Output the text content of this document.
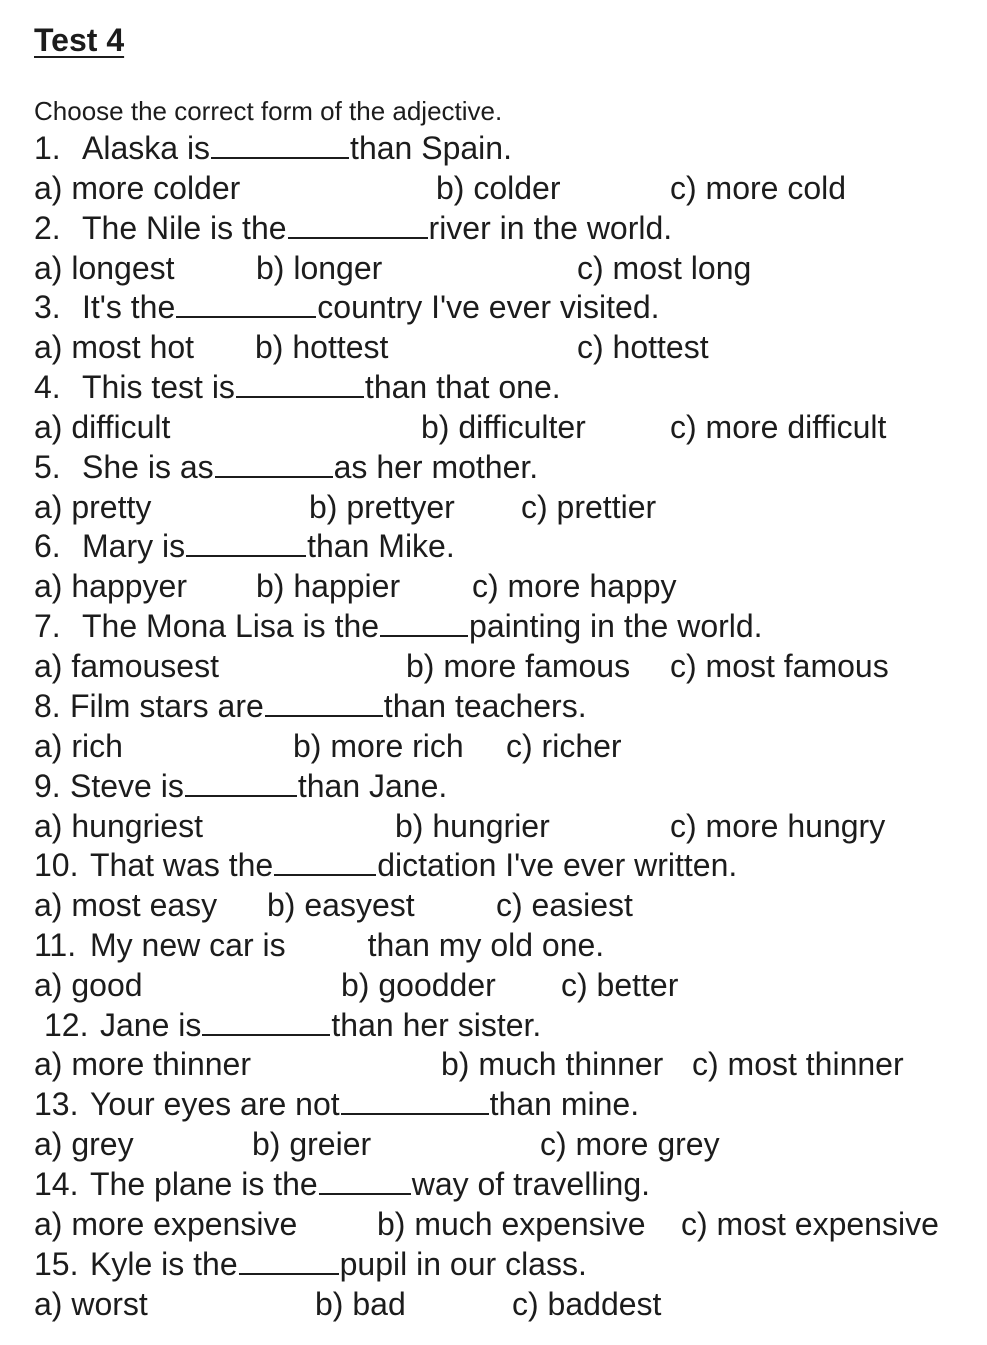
Test 4
Choose the correct form of the adjective.
1. Alaska is	than Spain.
a) more colder	b) colder	c) more cold
2. The Nile is the	river in the world.
a) longest	b) longer	c) most long
3. It's the	country I've ever visited.
a) most hot b) hottest	c) hottest
4. This test is	than that one.
a) difficult	b) difficulter	c) more difficult
5. She is as	as her mother.
a) pretty	b) prettyer c) prettier
6. Mary is	than Mike.
a) happyer b) happier c) more happy
7. The Mona Lisa is the	painting in the world.
a) famousest	b) more famous c) most famous
8. Film stars are	than teachers.
a) rich	b) more rich c) richer
9. Steve is	than Jane.
a) hungriest	b) hungrier	c) more hungry
10. That was the	dictation I've ever written.
a) most easy b) easyest	c) easiest
11. My new car is	than my old one.
a) good	b) goodder c) better
12. Jane is	than her sister.
a) more thinner	b) much thinner c) most thinner
13. Your eyes are not	than mine.
a) grey	b) greier	c) more grey
14. The plane is the	way of travelling.
a) more expensive b) much expensive c) most expensive
15. Kyle is the	pupil in our class.
a) worst	b) bad	c) baddest
